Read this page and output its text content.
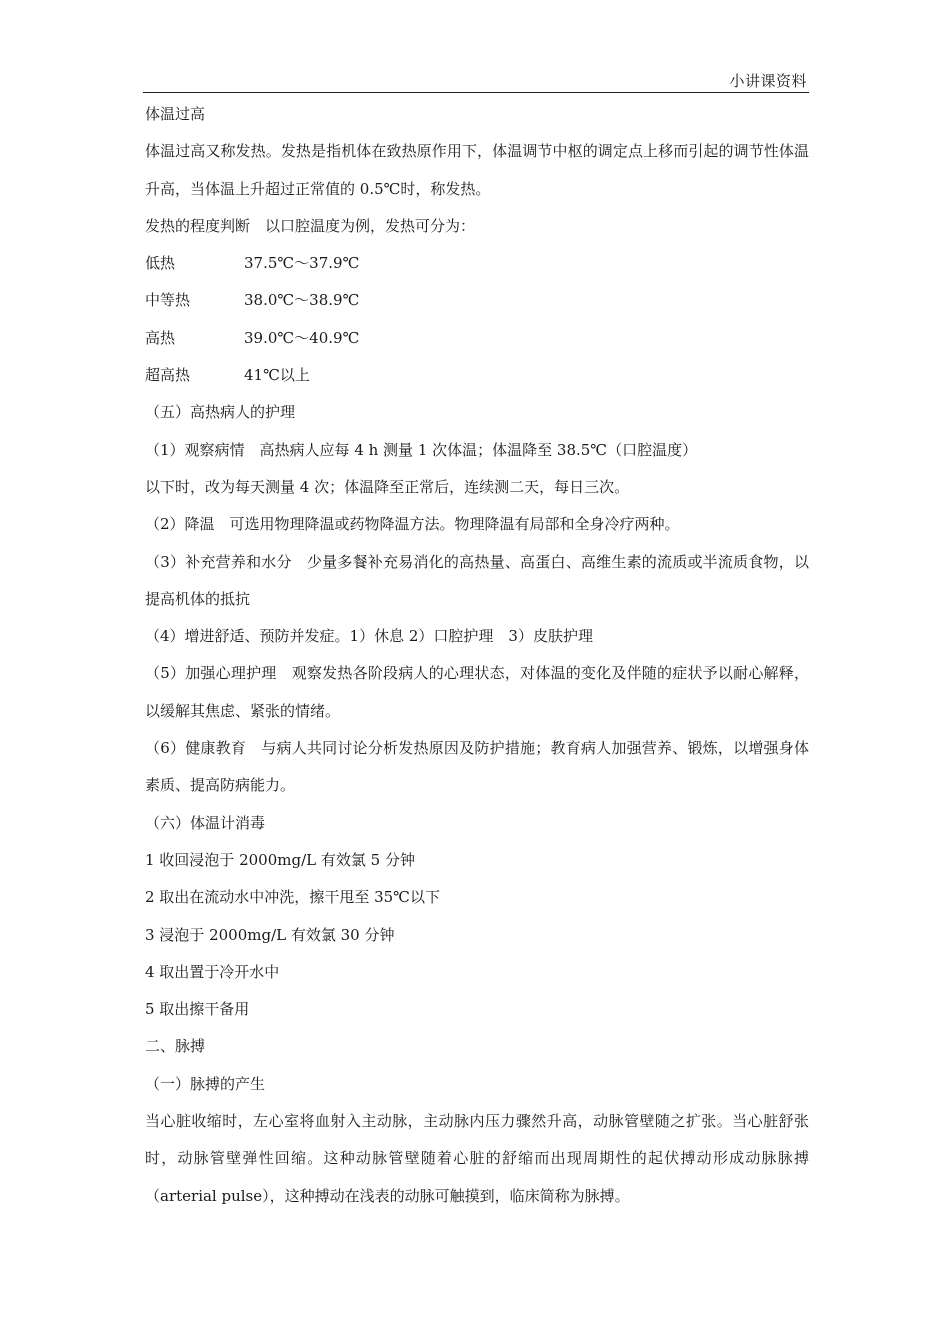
小讲课资料
体温过高
体温过高又称发热。发热是指机体在致热原作用下，体温调节中枢的调定点上移而引起的调节性体温升高，当体温上升超过正常值的 0.5℃时，称发热。
发热的程度判断　以口腔温度为例，发热可分为：
低热	37.5℃～37.9℃
中等热	38.0℃～38.9℃
高热	39.0℃～40.9℃
超高热	41℃以上
（五）高热病人的护理
（1）观察病情　高热病人应每 4 h 测量 1 次体温；体温降至 38.5℃（口腔温度）
以下时，改为每天测量 4 次；体温降至正常后，连续测二天，每日三次。
（2）降温　可选用物理降温或药物降温方法。物理降温有局部和全身冷疗两种。
（3）补充营养和水分　少量多餐补充易消化的高热量、高蛋白、高维生素的流质或半流质食物，以提高机体的抵抗
（4）增进舒适、预防并发症。1）休息 2）口腔护理　3）皮肤护理
（5）加强心理护理　观察发热各阶段病人的心理状态，对体温的变化及伴随的症状予以耐心解释，以缓解其焦虑、紧张的情绪。
（6）健康教育　与病人共同讨论分析发热原因及防护措施；教育病人加强营养、锻炼，以增强身体素质、提高防病能力。
（六）体温计消毒
1 收回浸泡于 2000mg/L 有效氯 5 分钟
2 取出在流动水中冲洗，擦干甩至 35℃以下
3 浸泡于 2000mg/L 有效氯 30 分钟
4 取出置于冷开水中
5 取出擦干备用
二、脉搏
（一）脉搏的产生
当心脏收缩时，左心室将血射入主动脉，主动脉内压力骤然升高，动脉管壁随之扩张。当心脏舒张时，动脉管壁弹性回缩。这种动脉管壁随着心脏的舒缩而出现周期性的起伏搏动形成动脉脉搏（arterial pulse），这种搏动在浅表的动脉可触摸到，临床简称为脉搏。
